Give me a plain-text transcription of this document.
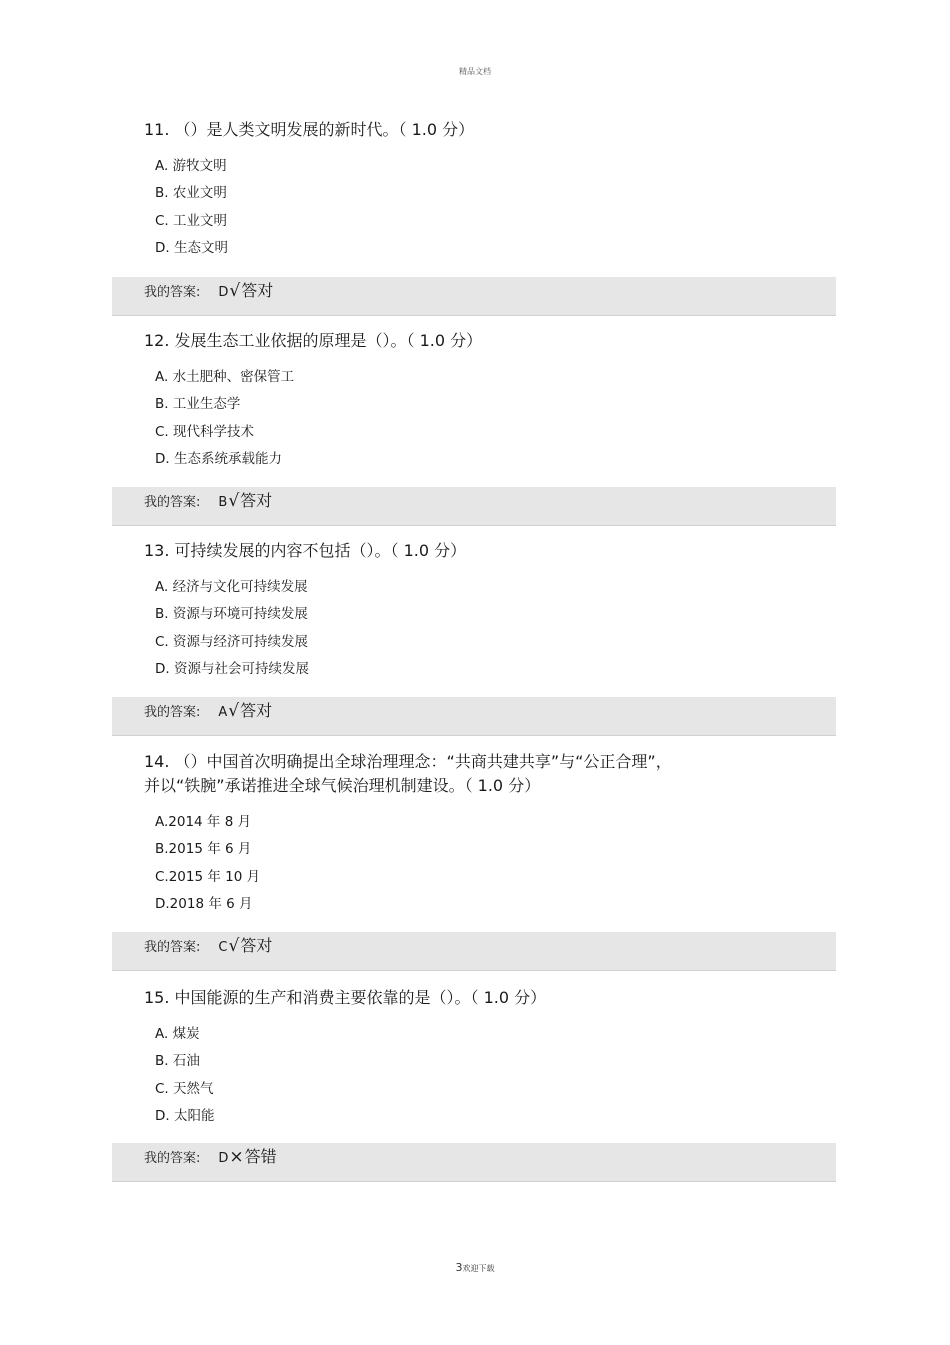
精品文档
11. （）是人类文明发展的新时代。（ 1.0 分）
A. 游牧文明
B. 农业文明
C. 工业文明
D. 生态文明
我的答案: D√答对
12. 发展生态工业依据的原理是（）。（ 1.0 分）
A. 水土肥种、密保管工
B. 工业生态学
C. 现代科学技术
D. 生态系统承载能力
我的答案: B√答对
13. 可持续发展的内容不包括（）。（ 1.0 分）
A. 经济与文化可持续发展
B. 资源与环境可持续发展
C. 资源与经济可持续发展
D. 资源与社会可持续发展
我的答案: A√答对
14. （）中国首次明确提出全球治理理念：“共商共建共享”与“公正合理”，
并以“铁腕”承诺推进全球气候治理机制建设。（ 1.0 分）
A.2014 年 8 月
B.2015 年 6 月
C.2015 年 10 月
D.2018 年 6 月
我的答案: C√答对
15. 中国能源的生产和消费主要依靠的是（）。（ 1.0 分）
A. 煤炭
B. 石油
C. 天然气
D. 太阳能
我的答案: D×答错
3欢迎下载
